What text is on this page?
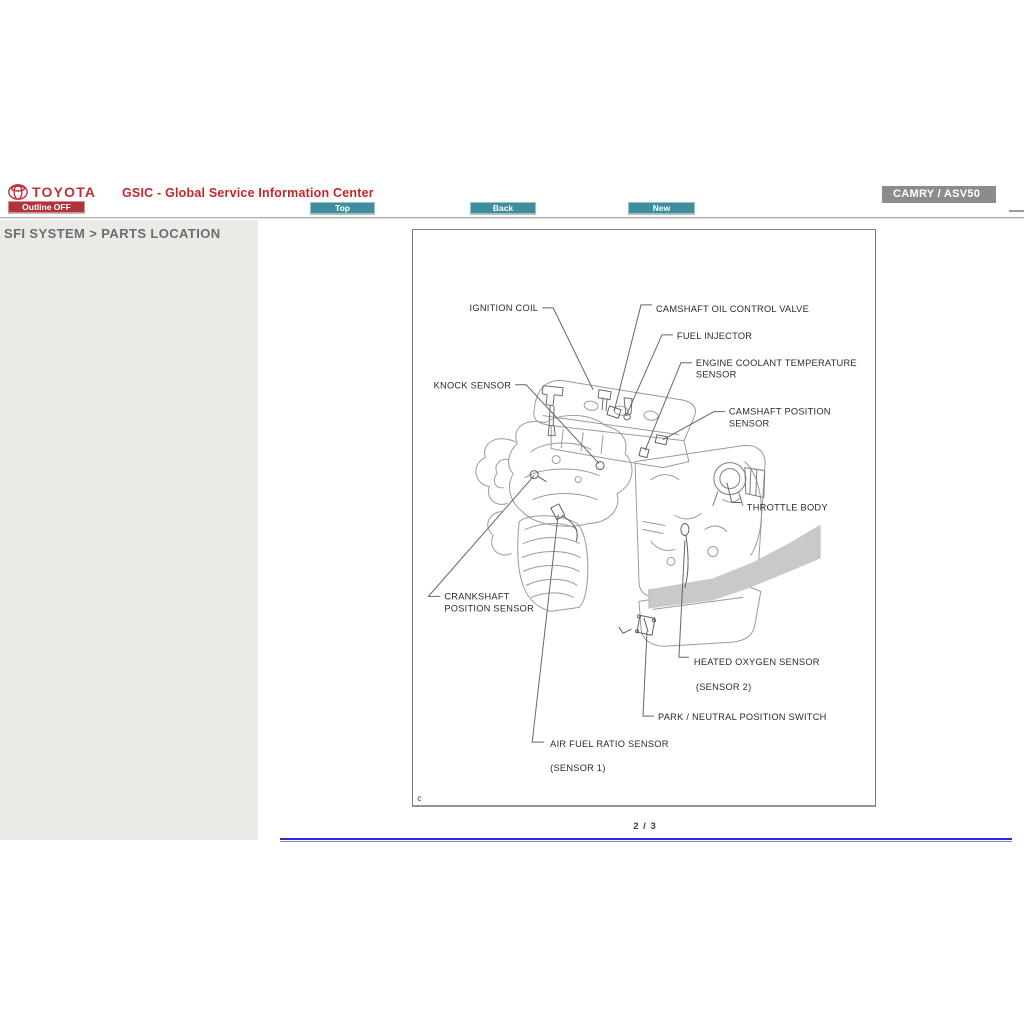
TOYOTA GSIC - Global Service Information Center	CAMRY / ASV50
Outline OFF	Top	Back	New
SFI SYSTEM > PARTS LOCATION
IGNITION COIL	CAMSHAFT OIL CONTROL VALVE
FUEL INJECTOR
ENGINE COOLANT TEMPERATURE
SENSOR
KNOCK SENSOR
CAMSHAFT POSITION
SENSOR
THROTTLE BODY
CRANKSHAFT
POSITION SENSOR
HEATED OXYGEN SENSOR
(SENSOR 2)
PARK / NEUTRAL POSITION SWITCH
AIR FUEL RATIO SENSOR
(SENSOR 1)
c
2 / 3
